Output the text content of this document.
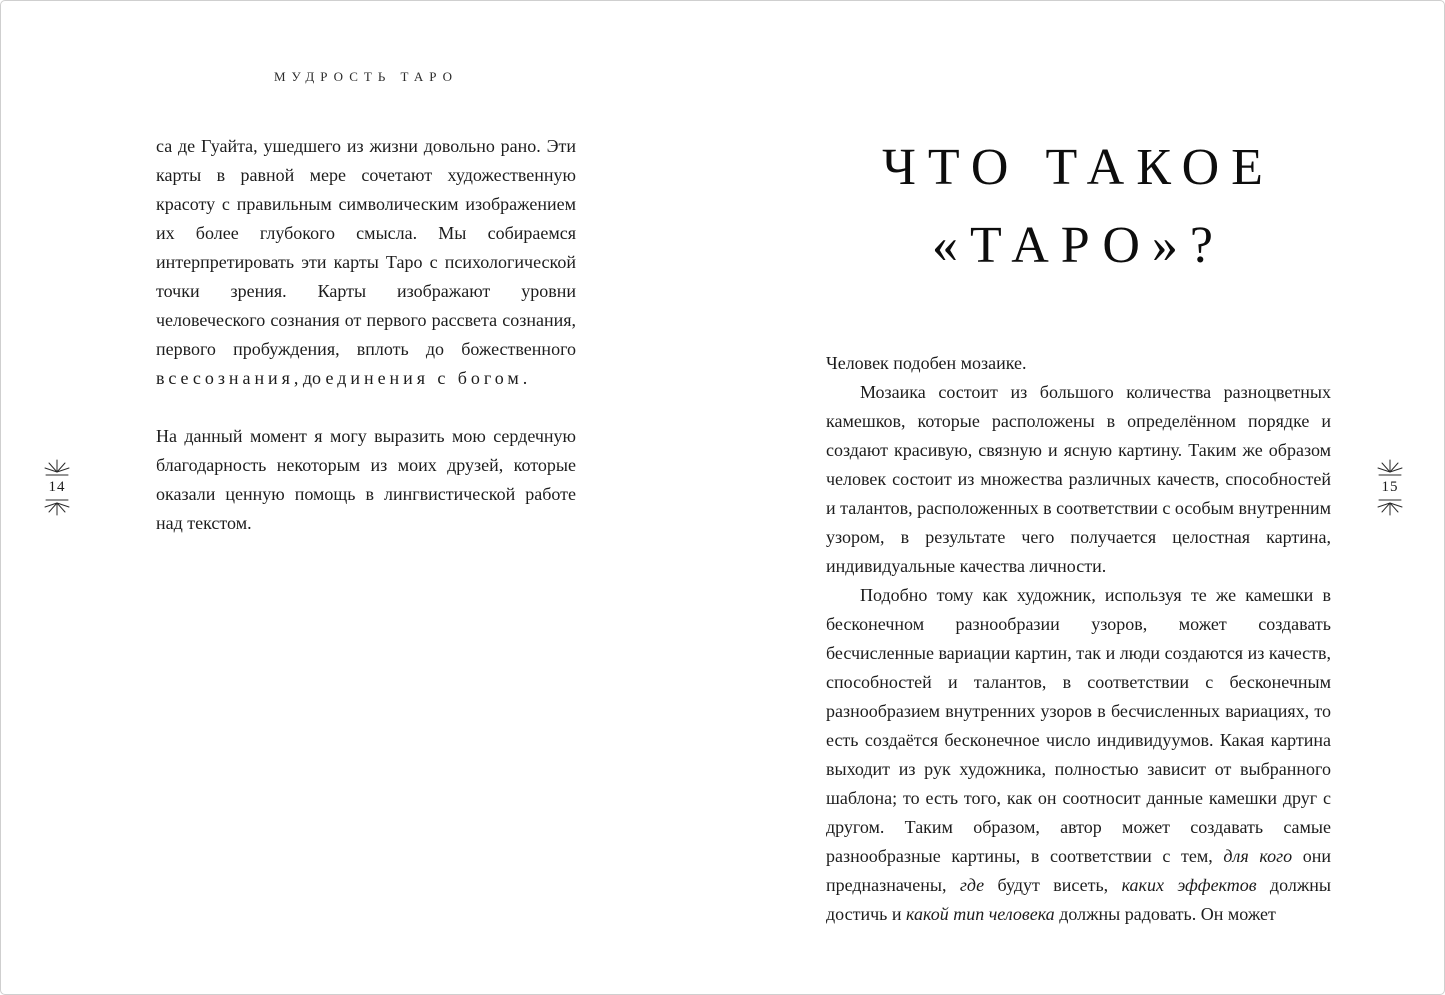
МУДРОСТЬ ТАРО

са де Гуайта, ушедшего из жизни довольно рано. Эти карты в равной мере сочетают художественную красоту с правильным символическим изображением их более глубокого смысла. Мы собираемся интерпретировать эти карты Таро с психологической точки зрения. Карты изображают уровни человеческого сознания от первого рассвета сознания, первого пробуждения, вплоть до божественного всесознания, до единения с богом.

На данный момент я могу выразить мою сердечную благодарность некоторым из моих друзей, которые оказали ценную помощь в лингвистической работе над текстом.

14
ЧТО ТАКОЕ
«ТАРО»?

Человек подобен мозаике.

Мозаика состоит из большого количества разноцветных камешков, которые расположены в определённом порядке и создают красивую, связную и ясную картину. Таким же образом человек состоит из множества различных качеств, способностей и талантов, расположенных в соответствии с особым внутренним узором, в результате чего получается целостная картина, индивидуальные качества личности.

Подобно тому как художник, используя те же камешки в бесконечном разнообразии узоров, может создавать бесчисленные вариации картин, так и люди создаются из качеств, способностей и талантов, в соответствии с бесконечным разнообразием внутренних узоров в бесчисленных вариациях, то есть создаётся бесконечное число индивидуумов. Какая картина выходит из рук художника, полностью зависит от выбранного шаблона; то есть того, как он соотносит данные камешки друг с другом. Таким образом, автор может создавать самые разнообразные картины, в соответствии с тем, для кого они предназначены, где будут висеть, каких эффектов должны достичь и какой тип человека должны радовать. Он может

15
